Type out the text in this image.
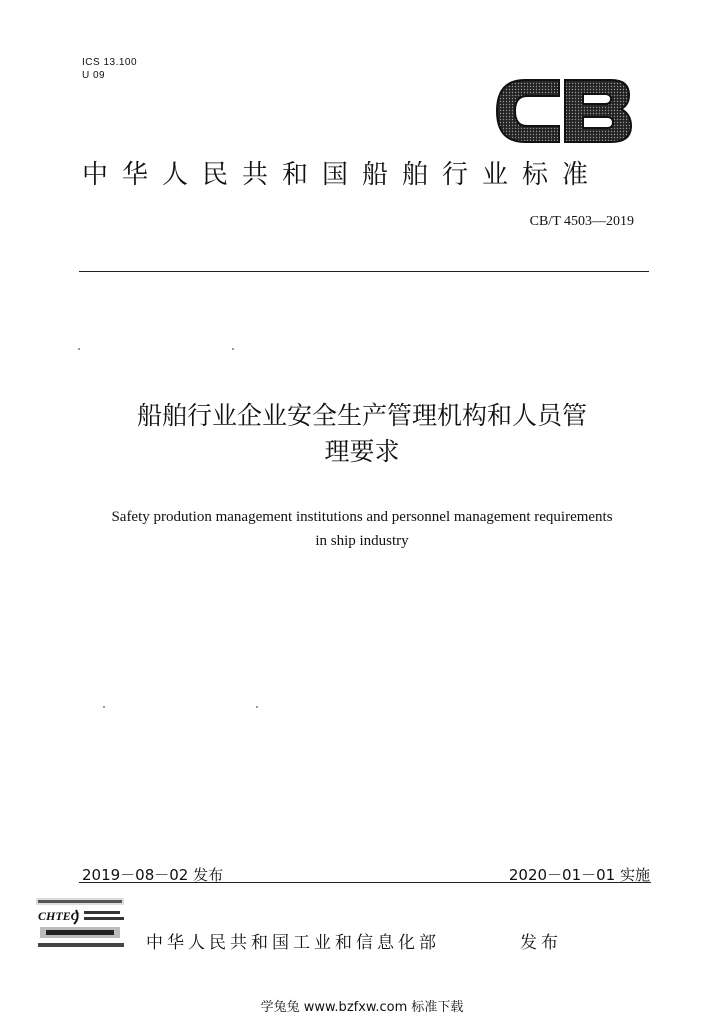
ICS 13.100
U 09
中华人民共和国船舶行业标准
CB/T 4503—2019
船舶行业企业安全生产管理机构和人员管
理要求
Safety prodution management institutions and personnel management requirements
in ship industry
2019－08－02 发布	2020－01－01 实施
CHTEC
中华人民共和国工业和信息化部	发布
学兔兔 www.bzfxw.com 标准下载
